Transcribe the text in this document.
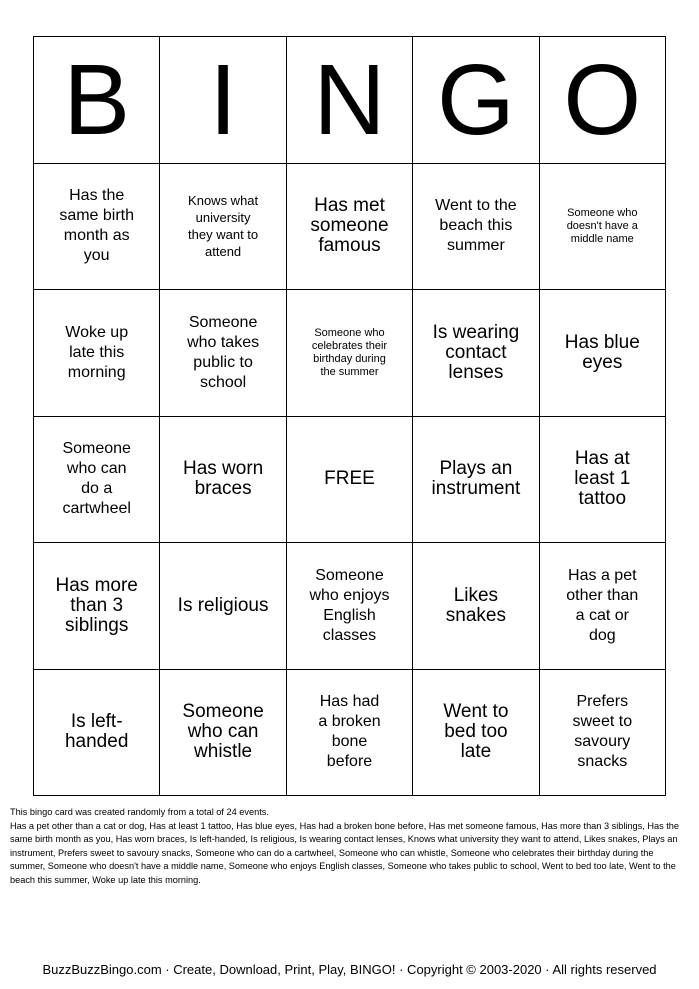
B I N G O
Has the same birth month as you
Knows what university they want to attend
Has met someone famous
Went to the beach this summer
Someone who doesn't have a middle name
Woke up late this morning
Someone who takes public to school
Someone who celebrates their birthday during the summer
Is wearing contact lenses
Has blue eyes
Someone who can do a cartwheel
Has worn braces	FREE	Plays an instrument
Has at least 1 tattoo
Has more than 3 siblings
Is religious
Someone who enjoys English classes
Likes snakes
Has a pet other than a cat or dog
Is left-handed
Someone who can whistle
Has had a broken bone before
Went to bed too late
Prefers sweet to savoury snacks

This bingo card was created randomly from a total of 24 events.

Has a pet other than a cat or dog, Has at least 1 tattoo, Has blue eyes, Has had a broken bone before, Has met someone famous, Has more than 3 siblings, Has the same birth month as you, Has worn braces, Is left-handed, Is religious, Is wearing contact lenses, Knows what university they want to attend, Likes snakes, Plays an instrument, Prefers sweet to savoury snacks, Someone who can do a cartwheel, Someone who can whistle, Someone who celebrates their birthday during the summer, Someone who doesn't have a middle name, Someone who enjoys English classes, Someone who takes public to school, Went to bed too late, Went to the beach this summer, Woke up late this morning.

BuzzBuzzBingo.com · Create, Download, Print, Play, BINGO! · Copyright © 2003-2020 · All rights reserved
